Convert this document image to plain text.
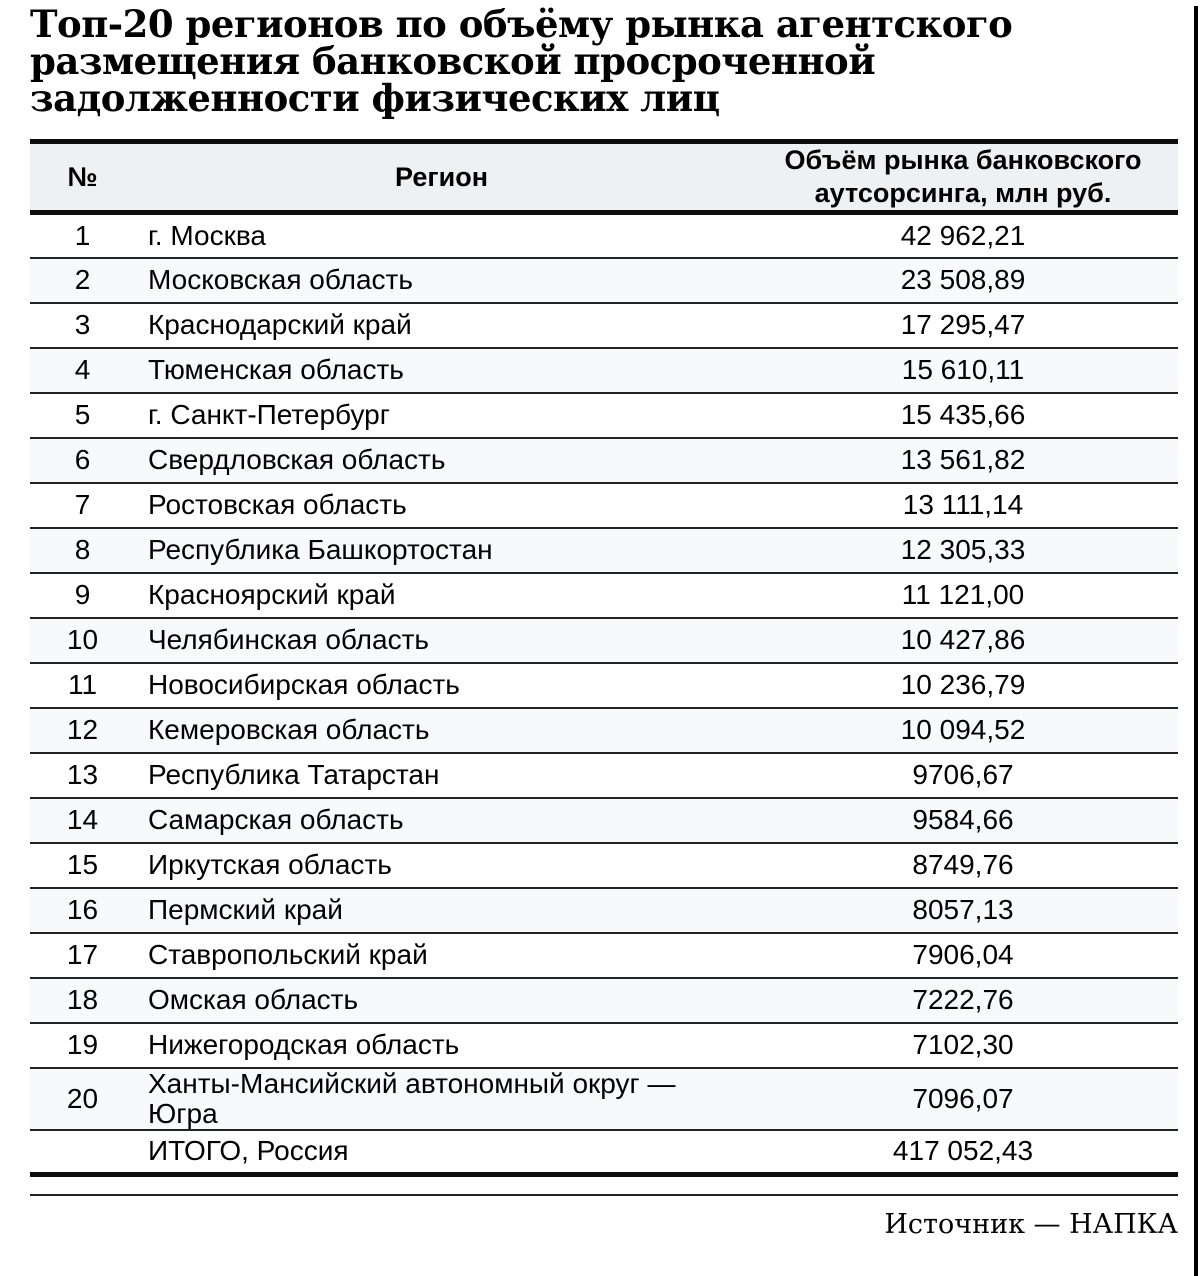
Топ-20 регионов по объёму рынка агентского размещения банковской просроченной задолженности физических лиц
№	Регион	Объём рынка банковского аутсорсинга, млн руб.
1	г. Москва	42 962,21
2	Московская область	23 508,89
3	Краснодарский край	17 295,47
4	Тюменская область	15 610,11
5	г. Санкт-Петербург	15 435,66
6	Свердловская область	13 561,82
7	Ростовская область	13 111,14
8	Республика Башкортостан	12 305,33
9	Красноярский край	11 121,00
10	Челябинская область	10 427,86
11	Новосибирская область	10 236,79
12	Кемеровская область	10 094,52
13	Республика Татарстан	9706,67
14	Самарская область	9584,66
15	Иркутская область	8749,76
16	Пермский край	8057,13
17	Ставропольский край	7906,04
18	Омская область	7222,76
19	Нижегородская область	7102,30
20	Ханты-Мансийский автономный округ — Югра	7096,07
	ИТОГО, Россия	417 052,43
Источник — НАПКА
